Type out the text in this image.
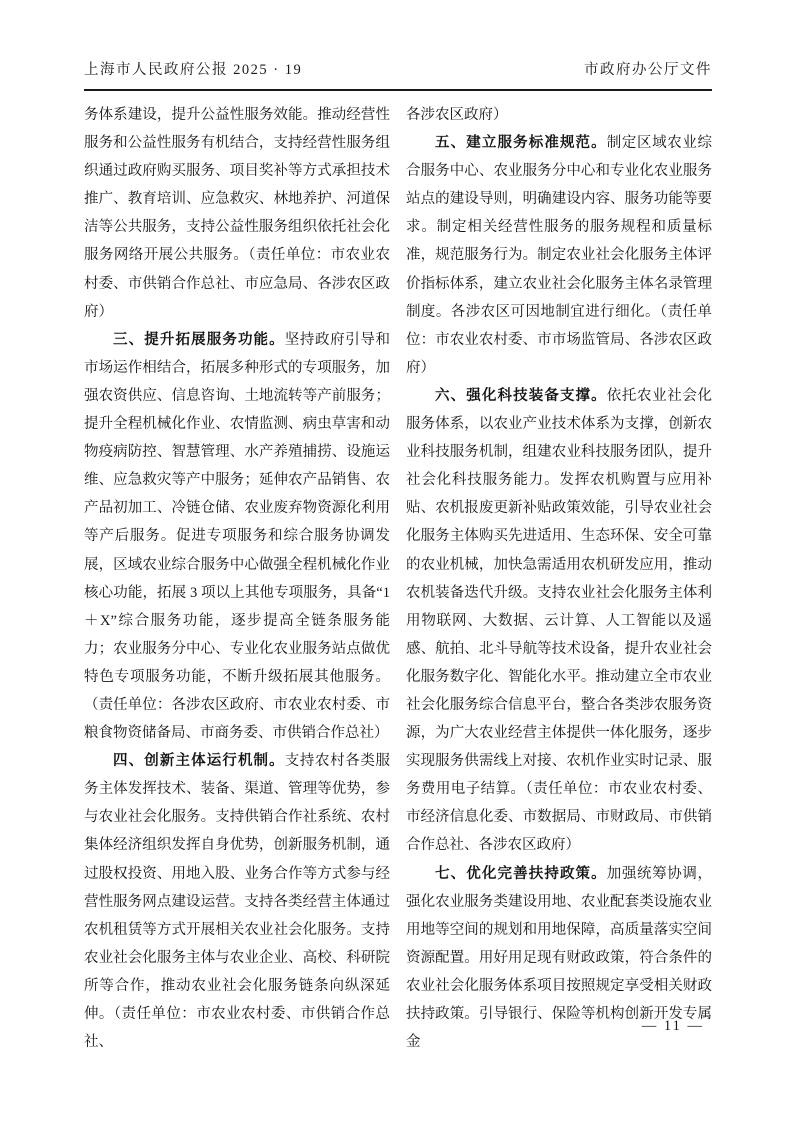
上海市人民政府公报 2025 · 19	市政府办公厅文件

务体系建设，提升公益性服务效能。推动经营性服务和公益性服务有机结合，支持经营性服务组织通过政府购买服务、项目奖补等方式承担技术推广、教育培训、应急救灾、林地养护、河道保洁等公共服务，支持公益性服务组织依托社会化服务网络开展公共服务。（责任单位：市农业农村委、市供销合作总社、市应急局、各涉农区政府）

三、提升拓展服务功能。坚持政府引导和市场运作相结合，拓展多种形式的专项服务，加强农资供应、信息咨询、土地流转等产前服务；提升全程机械化作业、农情监测、病虫草害和动物疫病防控、智慧管理、水产养殖捕捞、设施运维、应急救灾等产中服务；延伸农产品销售、农产品初加工、冷链仓储、农业废弃物资源化利用等产后服务。促进专项服务和综合服务协调发展，区域农业综合服务中心做强全程机械化作业核心功能，拓展 3 项以上其他专项服务，具备“1＋X”综合服务功能，逐步提高全链条服务能力；农业服务分中心、专业化农业服务站点做优特色专项服务功能，不断升级拓展其他服务。（责任单位：各涉农区政府、市农业农村委、市粮食物资储备局、市商务委、市供销合作总社）

四、创新主体运行机制。支持农村各类服务主体发挥技术、装备、渠道、管理等优势，参与农业社会化服务。支持供销合作社系统、农村集体经济组织发挥自身优势，创新服务机制，通过股权投资、用地入股、业务合作等方式参与经营性服务网点建设运营。支持各类经营主体通过农机租赁等方式开展相关农业社会化服务。支持农业社会化服务主体与农业企业、高校、科研院所等合作，推动农业社会化服务链条向纵深延伸。（责任单位：市农业农村委、市供销合作总社、

各涉农区政府）

五、建立服务标准规范。制定区域农业综合服务中心、农业服务分中心和专业化农业服务站点的建设导则，明确建设内容、服务功能等要求。制定相关经营性服务的服务规程和质量标准，规范服务行为。制定农业社会化服务主体评价指标体系，建立农业社会化服务主体名录管理制度。各涉农区可因地制宜进行细化。（责任单位：市农业农村委、市市场监管局、各涉农区政府）

六、强化科技装备支撑。依托农业社会化服务体系，以农业产业技术体系为支撑，创新农业科技服务机制，组建农业科技服务团队，提升社会化科技服务能力。发挥农机购置与应用补贴、农机报废更新补贴政策效能，引导农业社会化服务主体购买先进适用、生态环保、安全可靠的农业机械，加快急需适用农机研发应用，推动农机装备迭代升级。支持农业社会化服务主体利用物联网、大数据、云计算、人工智能以及遥感、航拍、北斗导航等技术设备，提升农业社会化服务数字化、智能化水平。推动建立全市农业社会化服务综合信息平台，整合各类涉农服务资源，为广大农业经营主体提供一体化服务，逐步实现服务供需线上对接、农机作业实时记录、服务费用电子结算。（责任单位：市农业农村委、市经济信息化委、市数据局、市财政局、市供销合作总社、各涉农区政府）

七、优化完善扶持政策。加强统筹协调，强化农业服务类建设用地、农业配套类设施农业用地等空间的规划和用地保障，高质量落实空间资源配置。用好用足现有财政政策，符合条件的农业社会化服务体系项目按照规定享受相关财政扶持政策。引导银行、保险等机构创新开发专属金

— 11 —
